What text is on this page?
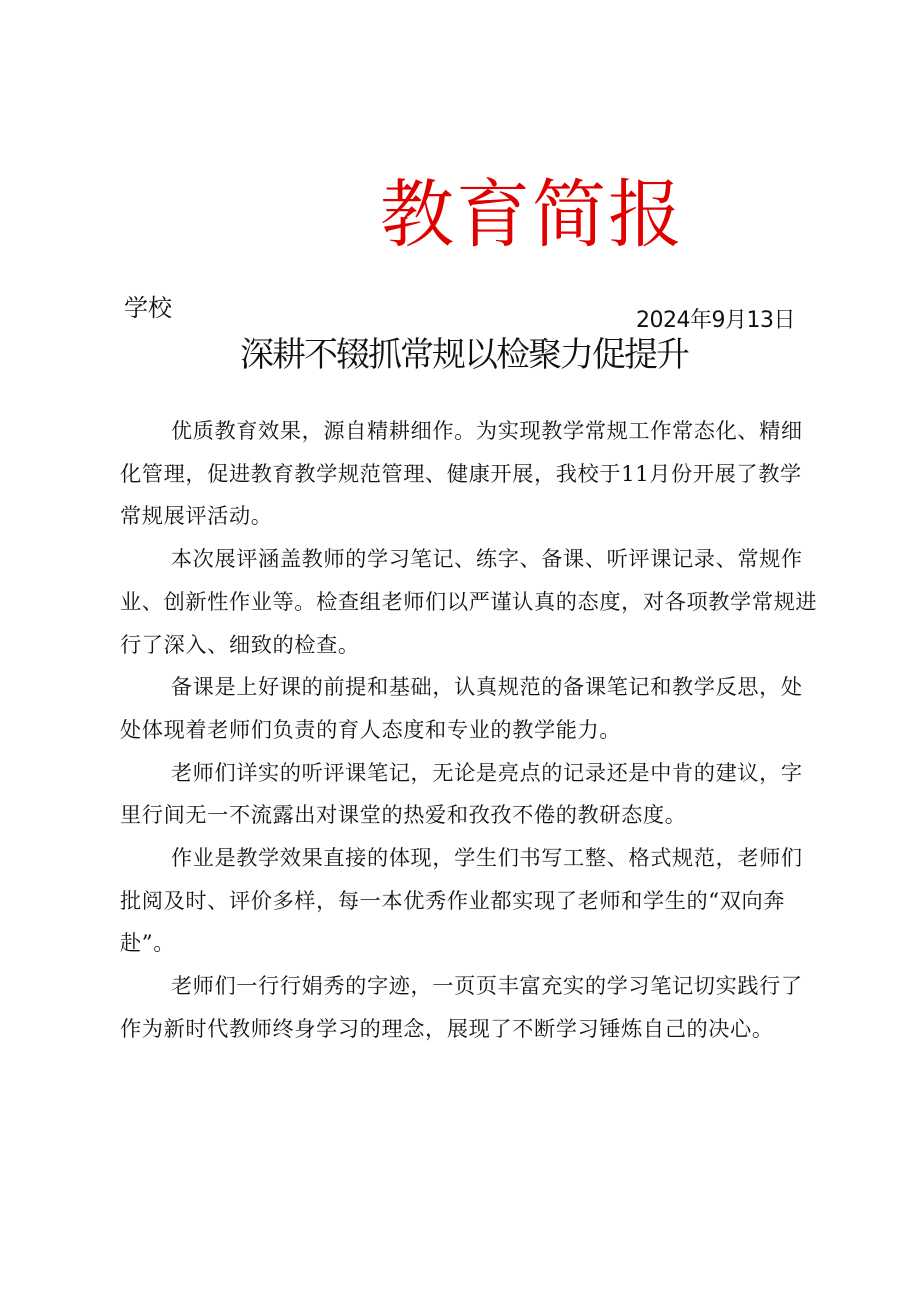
教育简报
学校	2024年9月13日
深耕不辍抓常规以检聚力促提升

优质教育效果，源自精耕细作。为实现教学常规工作常态化、精细化管理，促进教育教学规范管理、健康开展，我校于11月份开展了教学常规展评活动。

本次展评涵盖教师的学习笔记、练字、备课、听评课记录、常规作业、创新性作业等。检查组老师们以严谨认真的态度，对各项教学常规进行了深入、细致的检查。

备课是上好课的前提和基础，认真规范的备课笔记和教学反思，处处体现着老师们负责的育人态度和专业的教学能力。

老师们详实的听评课笔记，无论是亮点的记录还是中肯的建议，字里行间无一不流露出对课堂的热爱和孜孜不倦的教研态度。

作业是教学效果直接的体现，学生们书写工整、格式规范，老师们批阅及时、评价多样，每一本优秀作业都实现了老师和学生的“双向奔赴”。

老师们一行行娟秀的字迹，一页页丰富充实的学习笔记切实践行了作为新时代教师终身学习的理念，展现了不断学习锤炼自己的决心。
